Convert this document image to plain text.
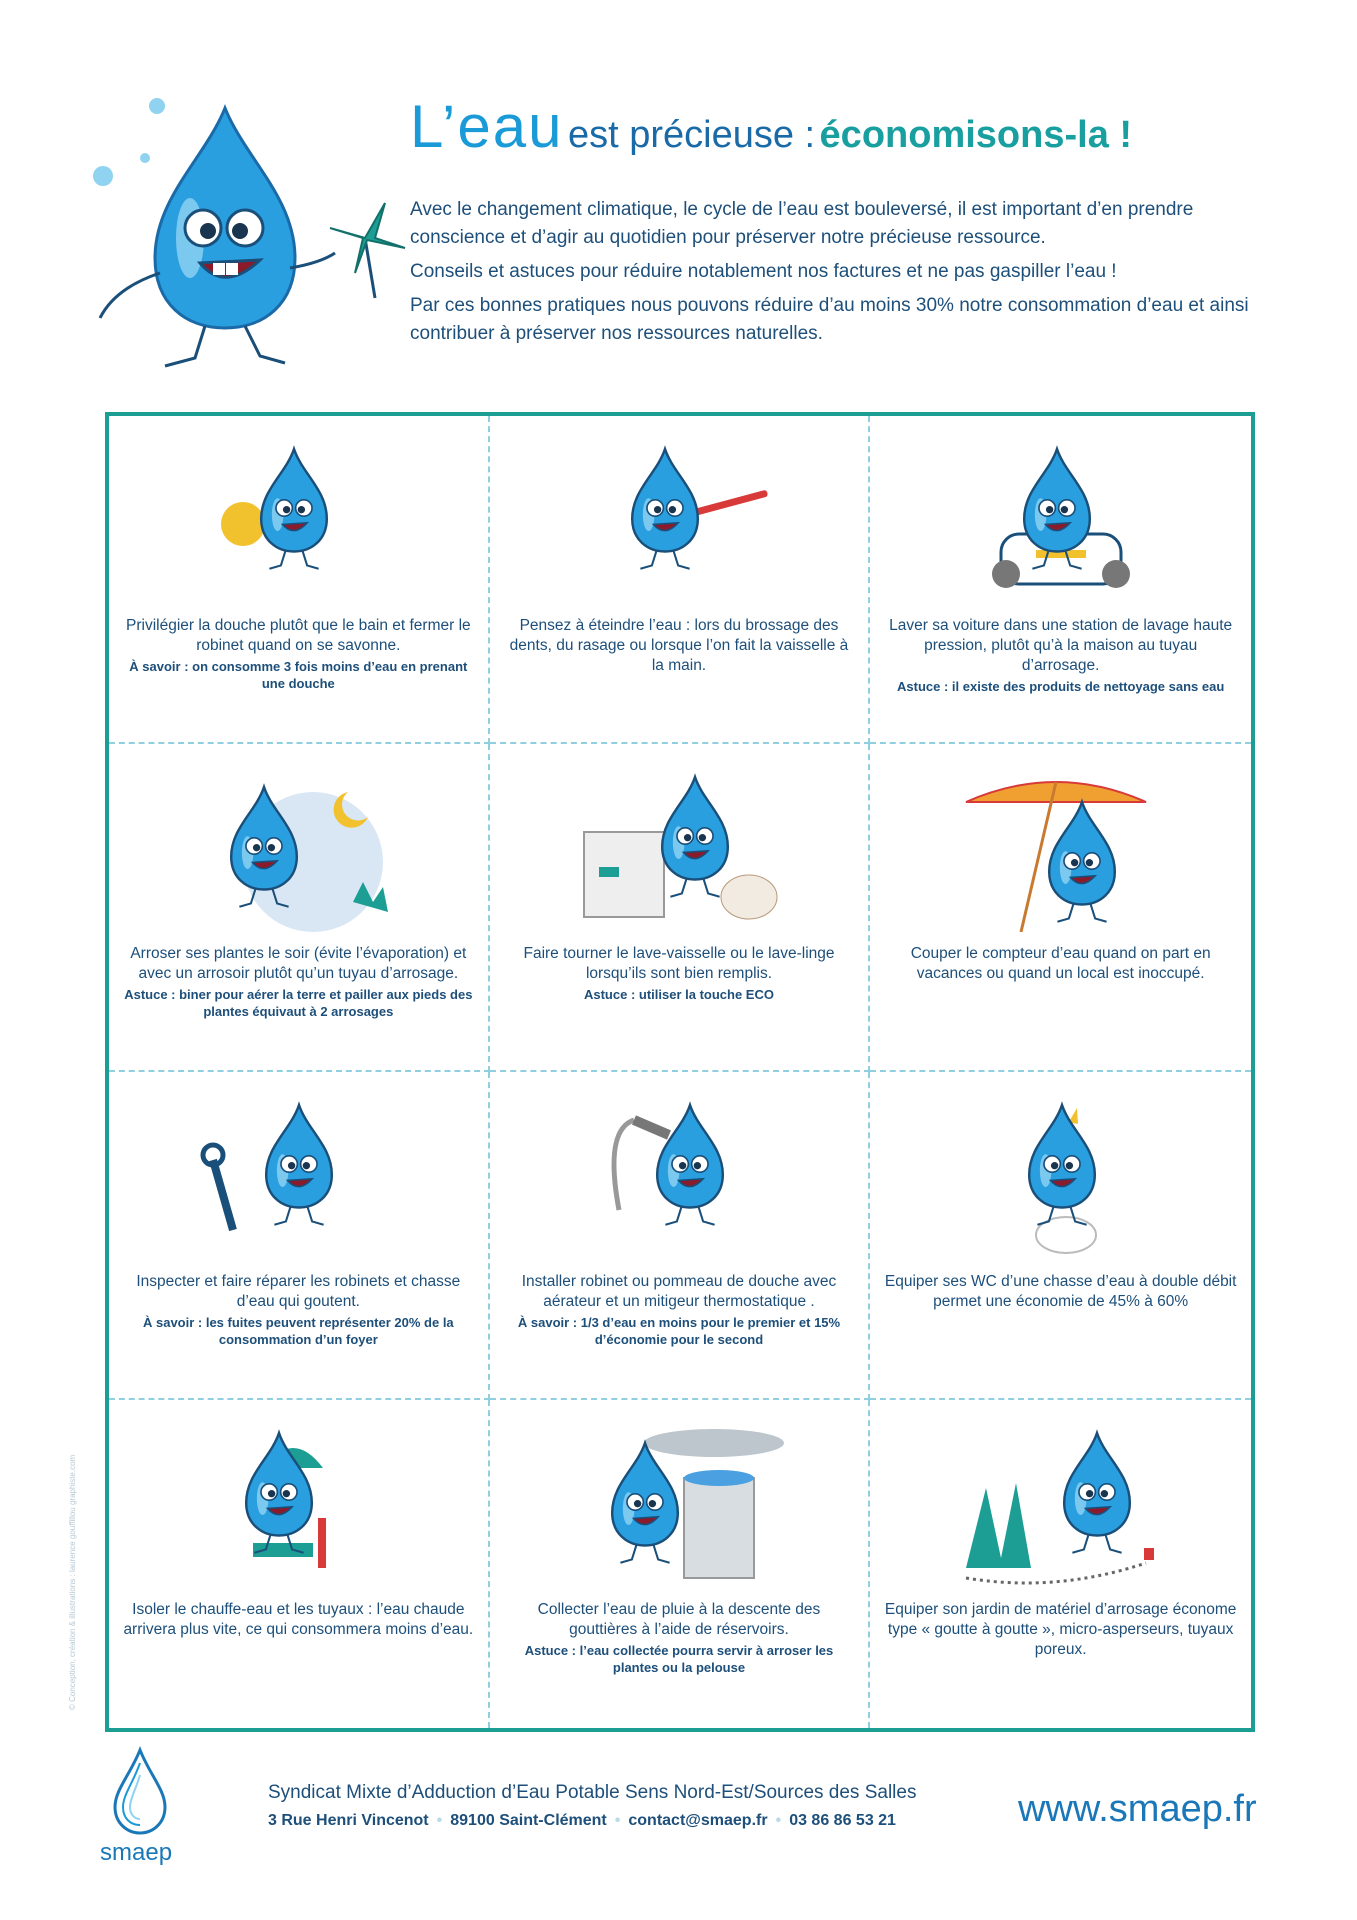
L’eau est précieuse : économisons-la !

Avec le changement climatique, le cycle de l’eau est bouleversé, il est important d’en prendre conscience et d’agir au quotidien pour préserver notre précieuse ressource.

Conseils et astuces pour réduire notablement nos factures et ne pas gaspiller l’eau !

Par ces bonnes pratiques nous pouvons réduire d’au moins 30% notre consommation d’eau et ainsi contribuer à préserver nos ressources naturelles.

Privilégier la douche plutôt que le bain et fermer le robinet quand on se savonne.
À savoir : on consomme 3 fois moins d’eau en prenant une douche
Pensez à éteindre l’eau : lors du brossage des dents, du rasage ou lorsque l’on fait la vaisselle à la main.
Laver sa voiture dans une station de lavage haute pression, plutôt qu’à la maison au tuyau d’arrosage.
Astuce : il existe des produits de nettoyage sans eau
Arroser ses plantes le soir (évite l’évaporation) et avec un arrosoir plutôt qu’un tuyau d’arrosage.
Astuce : biner pour aérer la terre et pailler aux pieds des plantes équivaut à 2 arrosages
Faire tourner le lave-vaisselle ou le lave-linge lorsqu’ils sont bien remplis.
Astuce : utiliser la touche ECO
Couper le compteur d’eau quand on part en vacances ou quand un local est inoccupé.
Inspecter et faire réparer les robinets et chasse d’eau qui goutent.
À savoir : les fuites peuvent représenter 20% de la consommation d’un foyer
Installer robinet ou pommeau de douche avec aérateur et un mitigeur thermostatique .
À savoir : 1/3 d’eau en moins pour le premier et 15% d’économie pour le second
Equiper ses WC d’une chasse d’eau à double débit permet une économie de 45% à 60%
Isoler le chauffe-eau et les tuyaux : l’eau chaude arrivera plus vite, ce qui consommera moins d’eau.
Collecter l’eau de pluie à la descente des gouttières à l’aide de réservoirs.
Astuce : l’eau collectée pourra servir à arroser les plantes ou la pelouse
Equiper son jardin de matériel d’arrosage économe type « goutte à goutte », micro-asperseurs, tuyaux poreux.
© Conception, création & illustrations : laurence gouffillou graphiste.com
smaep
Syndicat Mixte d’Adduction d’Eau Potable Sens Nord-Est/Sources des Salles
3 Rue Henri Vincenot • 89100 Saint-Clément • contact@smaep.fr • 03 86 86 53 21	www.smaep.fr
